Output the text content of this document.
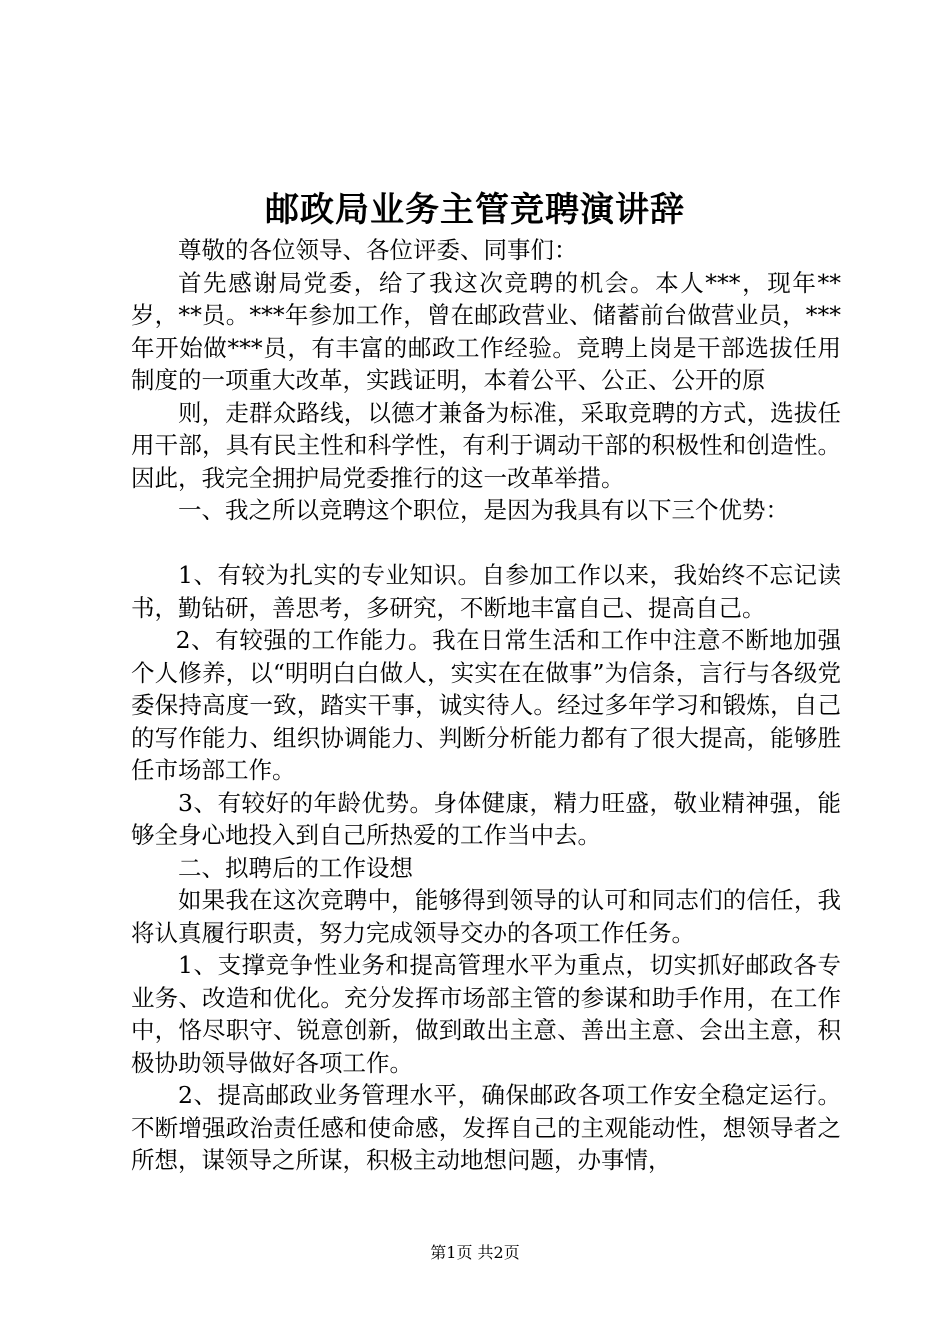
邮政局业务主管竞聘演讲辞

尊敬的各位领导、各位评委、同事们：

首先感谢局党委，给了我这次竞聘的机会。本人***，现年**岁，**员。***年参加工作，曾在邮政营业、储蓄前台做营业员，***年开始做***员，有丰富的邮政工作经验。竞聘上岗是干部选拔任用制度的一项重大改革，实践证明，本着公平、公正、公开的原

则，走群众路线，以德才兼备为标准，采取竞聘的方式，选拔任用干部，具有民主性和科学性，有利于调动干部的积极性和创造性。因此，我完全拥护局党委推行的这一改革举措。

一、我之所以竞聘这个职位，是因为我具有以下三个优势：

1、有较为扎实的专业知识。自参加工作以来，我始终不忘记读书，勤钻研，善思考，多研究，不断地丰富自己、提高自己。

2、有较强的工作能力。我在日常生活和工作中注意不断地加强个人修养，以“明明白白做人，实实在在做事”为信条，言行与各级党委保持高度一致，踏实干事，诚实待人。经过多年学习和锻炼，自己的写作能力、组织协调能力、判断分析能力都有了很大提高，能够胜任市场部工作。

3、有较好的年龄优势。身体健康，精力旺盛，敬业精神强，能够全身心地投入到自己所热爱的工作当中去。

二、拟聘后的工作设想

如果我在这次竞聘中，能够得到领导的认可和同志们的信任，我将认真履行职责，努力完成领导交办的各项工作任务。

1、支撑竞争性业务和提高管理水平为重点，切实抓好邮政各专业务、改造和优化。充分发挥市场部主管的参谋和助手作用，在工作中，恪尽职守、锐意创新，做到敢出主意、善出主意、会出主意，积极协助领导做好各项工作。

2、提高邮政业务管理水平，确保邮政各项工作安全稳定运行。不断增强政治责任感和使命感，发挥自己的主观能动性，想领导者之所想，谋领导之所谋，积极主动地想问题，办事情，

第1页 共2页
